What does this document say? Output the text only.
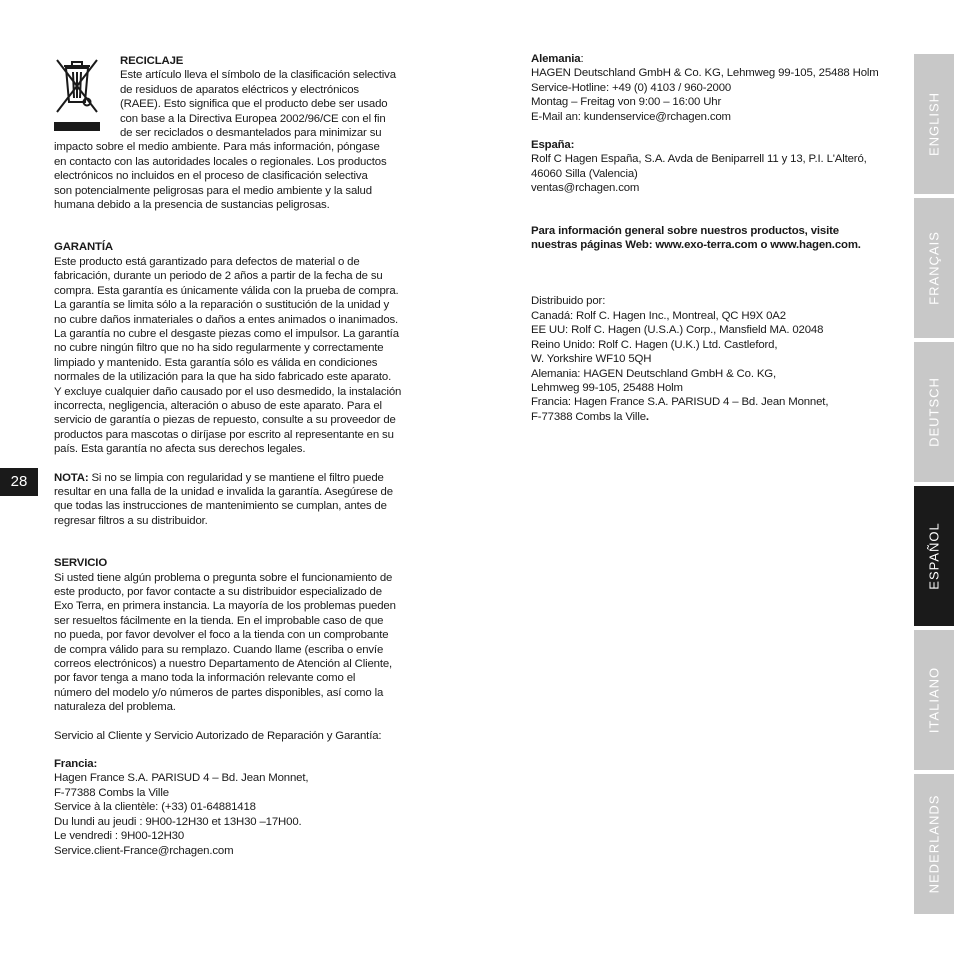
RECICLAJE

Este artículo lleva el símbolo de la clasificación selectiva
de residuos de aparatos eléctricos y electrónicos
(RAEE). Esto significa que el producto debe ser usado
con base a la Directiva Europea 2002/96/CE con el fin
de ser reciclados o desmantelados para minimizar su

impacto sobre el medio ambiente. Para más información, póngase
en contacto con las autoridades locales o regionales. Los productos
electrónicos no incluidos en el proceso de clasificación selectiva
son potencialmente peligrosas para el medio ambiente y la salud
humana debido a la presencia de sustancias peligrosas.

GARANTÍA

Este producto está garantizado para defectos de material o de
fabricación, durante un periodo de 2 años a partir de la fecha de su
compra. Esta garantía es únicamente válida con la prueba de compra.
La garantía se limita sólo a la reparación o sustitución de la unidad y
no cubre daños inmateriales o daños a entes animados o inanimados.
La garantía no cubre el desgaste piezas como el impulsor. La garantía
no cubre ningún filtro que no ha sido regularmente y correctamente
limpiado y mantenido. Esta garantía sólo es válida en condiciones
normales de la utilización para la que ha sido fabricado este aparato.
Y excluye cualquier daño causado por el uso desmedido, la instalación
incorrecta, negligencia, alteración o abuso de este aparato. Para el
servicio de garantía o piezas de repuesto, consulte a su proveedor de
productos para mascotas o diríjase por escrito al representante en su
país. Esta garantía no afecta sus derechos legales.

NOTA: Si no se limpia con regularidad y se mantiene el filtro puede
resultar en una falla de la unidad e invalida la garantía. Asegúrese de
que todas las instrucciones de mantenimiento se cumplan, antes de
regresar filtros a su distribuidor.

SERVICIO

Si usted tiene algún problema o pregunta sobre el funcionamiento de
este producto, por favor contacte a su distribuidor especializado de
Exo Terra, en primera instancia. La mayoría de los problemas pueden
ser resueltos fácilmente en la tienda. En el improbable caso de que
no pueda, por favor devolver el foco a la tienda con un comprobante
de compra válido para su remplazo. Cuando llame (escriba o envíe
correos electrónicos) a nuestro Departamento de Atención al Cliente,
por favor tenga a mano toda la información relevante como el
número del modelo y/o números de partes disponibles, así como la
naturaleza del problema.

Servicio al Cliente y Servicio Autorizado de Reparación y Garantía:

Francia:

Hagen France S.A. PARISUD 4 – Bd. Jean Monnet,
F-77388 Combs la Ville
Service à la clientèle: (+33) 01-64881418
Du lundi au jeudi : 9H00-12H30 et 13H30 –17H00.
Le vendredi : 9H00-12H30
Service.client-France@rchagen.com

Alemania:

HAGEN Deutschland GmbH & Co. KG, Lehmweg 99-105, 25488 Holm
Service-Hotline: +49 (0) 4103 / 960-2000
Montag – Freitag von 9:00 – 16:00 Uhr
E-Mail an: kundenservice@rchagen.com

España:

Rolf C Hagen España, S.A. Avda de Beniparrell 11 y 13, P.I. L'Alteró,
46060 Silla (Valencia)
ventas@rchagen.com

Para información general sobre nuestros productos, visite
nuestras páginas Web: www.exo-terra.com o www.hagen.com.

Distribuido por:
Canadá: Rolf C. Hagen Inc., Montreal, QC H9X 0A2
EE UU: Rolf C. Hagen (U.S.A.) Corp., Mansfield MA. 02048
Reino Unido: Rolf C. Hagen (U.K.) Ltd. Castleford,
W. Yorkshire WF10 5QH
Alemania: HAGEN Deutschland GmbH & Co. KG,
Lehmweg 99-105, 25488 Holm
Francia: Hagen France S.A. PARISUD 4 – Bd. Jean Monnet,
F-77388 Combs la Ville.

28
ENGLISH
FRANÇAIS
DEUTSCH
ESPAÑOL
ITALIANO
NEDERLANDS
